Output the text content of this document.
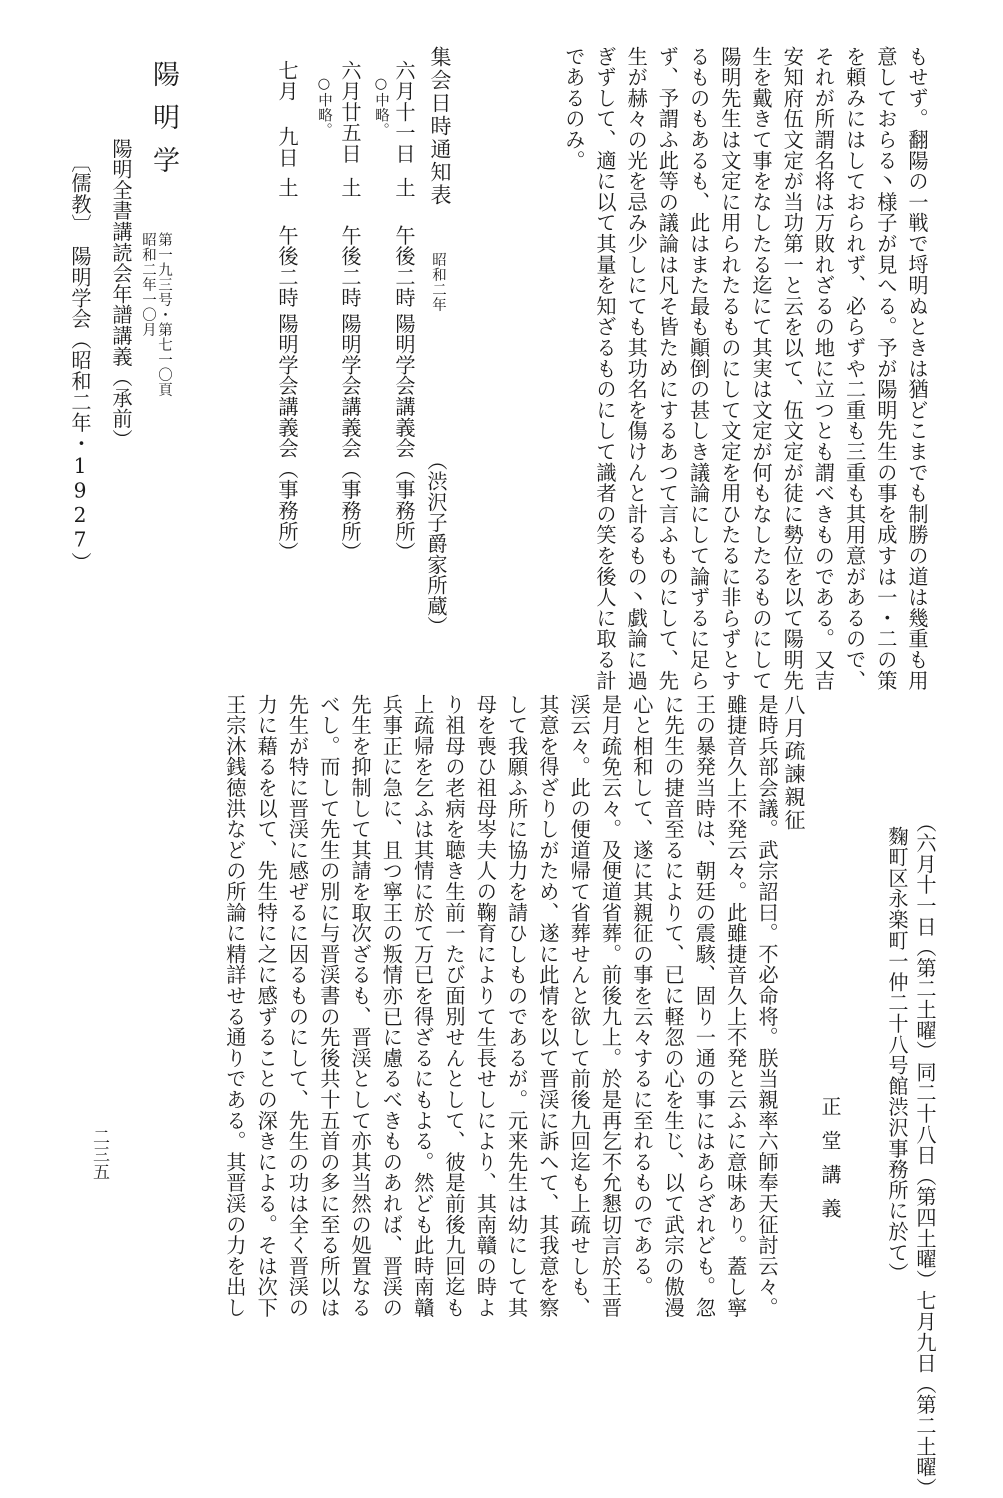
もせず。翻陽の一戦で埒明ぬときは猶どこまでも制勝の道は幾重も用
意しておらる丶様子が見へる。予が陽明先生の事を成すは一・二の策
を頼みにはしておられず、必らずや二重も三重も其用意があるので、
それが所謂名将は万敗れざるの地に立つとも謂べきものである。又吉
安知府伍文定が当功第一と云を以て、伍文定が徒に勢位を以て陽明先
生を戴きて事をなしたる迄にて其実は文定が何もなしたるものにして
陽明先生は文定に用られたるものにして文定を用ひたるに非らずとす
るものもあるも、此はまた最も顚倒の甚しき議論にして論ずるに足ら
ず、予謂ふ此等の議論は凡そ皆ためにするあつて言ふものにして、先
生が赫々の光を忌み少しにても其功名を傷けんと計るもの丶戯論に過
ぎずして、適に以て其量を知ざるものにして識者の笑を後人に取る計
であるのみ。
集会日時通知表
昭和二年
（渋沢子爵家所蔵）
六月十一日
土
午後二時
陽明学会講義会（事務所）
○中略。
六月廿五日
土
午後二時
陽明学会講義会（事務所）
○中略。
七月 九日
土
午後二時
陽明学会講義会（事務所）
陽明学
第一九三号・第七一〇頁
昭和二年一〇月
陽明全書講読会年譜講義（承前）
〔儒教〕　陽明学会（昭和二年・1927）
（六月十一日（第二土曜）同二十八日（第四土曜）七月九日（第二土曜）
麴町区永楽町一仲二十八号館渋沢事務所に於て）
正堂講義
八月疏諫親征
是時兵部会議。武宗詔曰。不必命将。朕当親率六師奉天征討云々。
雖捷音久上不発云々。此雖捷音久上不発と云ふに意味あり。蓋し寧
王の暴発当時は、朝廷の震駭、固り一通の事にはあらざれども。忽
に先生の捷音至るによりて、已に軽忽の心を生じ、以て武宗の傲漫
心と相和して、遂に其親征の事を云々するに至れるものである。
是月疏免云々。及便道省葬。前後九上。於是再乞不允懇切言於王晋
渓云々。此の便道帰て省葬せんと欲して前後九回迄も上疏せしも、
其意を得ざりしがため、遂に此情を以て晋渓に訴へて、其我意を察
して我願ふ所に協力を請ひしものであるが。元来先生は幼にして其
母を喪ひ祖母岑夫人の鞠育によりて生長せしにより、其南贛の時よ
り祖母の老病を聴き生前一たび面別せんとして、彼是前後九回迄も
上疏帰を乞ふは其情に於て万已を得ざるにもよる。然ども此時南贛
兵事正に急に、且つ寧王の叛情亦已に慮るべきものあれば、晋渓の
先生を抑制して其請を取次ざるも、晋渓として亦其当然の処置なる
べし。而して先生の別に与晋渓書の先後共十五首の多に至る所以は
先生が特に晋渓に感ぜるに因るものにして、先生の功は全く晋渓の
力に藉るを以て、先生特に之に感ずることの深きによる。そは次下
王宗沐銭徳洪などの所論に精詳せる通りである。其晋渓の力を出し
二三五
